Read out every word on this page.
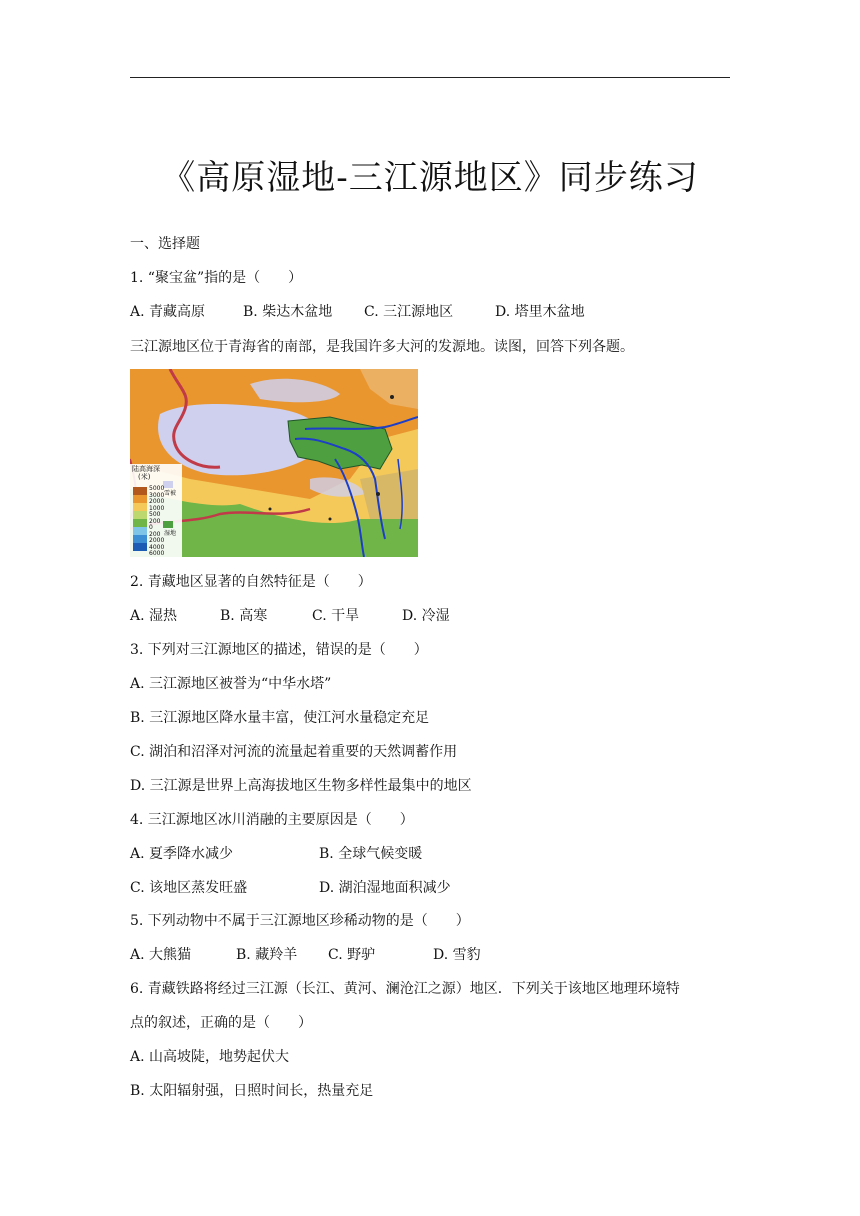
《高原湿地-三江源地区》同步练习
一、选择题
1. “聚宝盆”指的是（　　）
A. 青藏高原	B. 柴达木盆地 C. 三江源地区	D. 塔里木盆地
三江源地区位于青海省的南部，是我国许多大河的发源地。读图，回答下列各题。
陆高海深
(米)
5000
3000
2000
1000
500
200
0
200
2000
4000
6000
雪被
湿地
2. 青藏地区显著的自然特征是（　　）
A. 湿热	B. 高寒	C. 干旱	D. 冷湿
3. 下列对三江源地区的描述，错误的是（　　）
A. 三江源地区被誉为“中华水塔”
B. 三江源地区降水量丰富，使江河水量稳定充足
C. 湖泊和沼泽对河流的流量起着重要的天然调蓄作用
D. 三江源是世界上高海拔地区生物多样性最集中的地区
4. 三江源地区冰川消融的主要原因是（　　）
A. 夏季降水减少	B. 全球气候变暖
C. 该地区蒸发旺盛	D. 湖泊湿地面积减少
5. 下列动物中不属于三江源地区珍稀动物的是（　　）
A. 大熊猫	B. 藏羚羊 C. 野驴	D. 雪豹
6. 青藏铁路将经过三江源（长江、黄河、澜沧江之源）地区．下列关于该地区地理环境特
点的叙述，正确的是（　　）
A. 山高坡陡，地势起伏大
B. 太阳辐射强，日照时间长，热量充足
